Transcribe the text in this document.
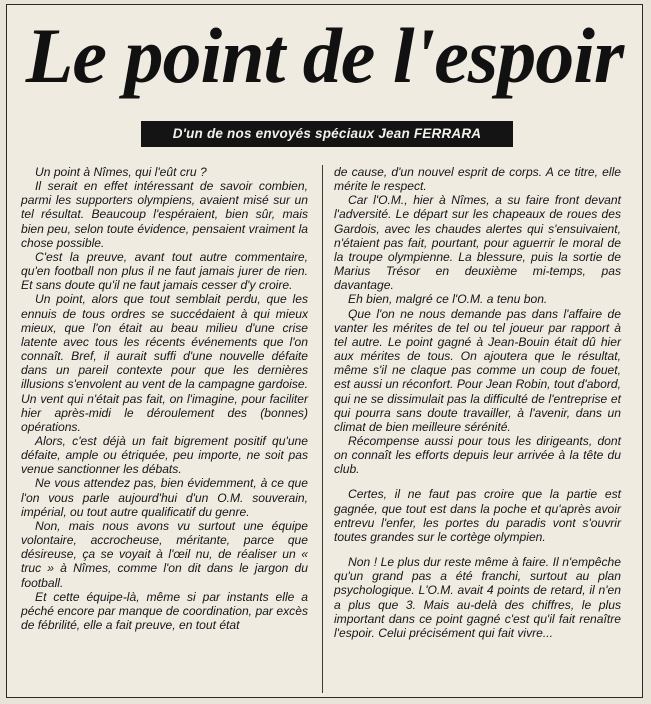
Le point de l'espoir
D'un de nos envoyés spéciaux Jean FERRARA

Un point à Nîmes, qui l'eût cru ?

Il serait en effet intéressant de savoir combien, parmi les supporters olympiens, avaient misé sur un tel résultat. Beaucoup l'espéraient, bien sûr, mais bien peu, selon toute évidence, pensaient vraiment la chose possible.

C'est la preuve, avant tout autre commentaire, qu'en football non plus il ne faut jamais jurer de rien. Et sans doute qu'il ne faut jamais cesser d'y croire.

Un point, alors que tout semblait perdu, que les ennuis de tous ordres se succédaient à qui mieux mieux, que l'on était au beau milieu d'une crise latente avec tous les récents événements que l'on connaît. Bref, il aurait suffi d'une nouvelle défaite dans un pareil contexte pour que les dernières illusions s'envolent au vent de la campagne gardoise. Un vent qui n'était pas fait, on l'imagine, pour faciliter hier après-midi le déroulement des (bonnes) opérations.

Alors, c'est déjà un fait bigrement positif qu'une défaite, ample ou étriquée, peu importe, ne soit pas venue sanctionner les débats.

Ne vous attendez pas, bien évidemment, à ce que l'on vous parle aujourd'hui d'un O.M. souverain, impérial, ou tout autre qualificatif du genre.

Non, mais nous avons vu surtout une équipe volontaire, accrocheuse, méritante, parce que désireuse, ça se voyait à l'œil nu, de réaliser un « truc » à Nîmes, comme l'on dit dans le jargon du football.

Et cette équipe-là, même si par instants elle a péché encore par manque de coordination, par excès de fébrilité, elle a fait preuve, en tout état

de cause, d'un nouvel esprit de corps. A ce titre, elle mérite le respect.

Car l'O.M., hier à Nîmes, a su faire front devant l'adversité. Le départ sur les chapeaux de roues des Gardois, avec les chaudes alertes qui s'ensuivaient, n'étaient pas fait, pourtant, pour aguerrir le moral de la troupe olympienne. La blessure, puis la sortie de Marius Trésor en deuxième mi-temps, pas davantage.

Eh bien, malgré ce l'O.M. a tenu bon.

Que l'on ne nous demande pas dans l'affaire de vanter les mérites de tel ou tel joueur par rapport à tel autre. Le point gagné à Jean-Bouin était dû hier aux mérites de tous. On ajoutera que le résultat, même s'il ne claque pas comme un coup de fouet, est aussi un réconfort. Pour Jean Robin, tout d'abord, qui ne se dissimulait pas la difficulté de l'entreprise et qui pourra sans doute travailler, à l'avenir, dans un climat de bien meilleure sérénité.

Récompense aussi pour tous les dirigeants, dont on connaît les efforts depuis leur arrivée à la tête du club.

Certes, il ne faut pas croire que la partie est gagnée, que tout est dans la poche et qu'après avoir entrevu l'enfer, les portes du paradis vont s'ouvrir toutes grandes sur le cortège olympien.

Non ! Le plus dur reste même à faire. Il n'empêche qu'un grand pas a été franchi, surtout au plan psychologique. L'O.M. avait 4 points de retard, il n'en a plus que 3. Mais au-delà des chiffres, le plus important dans ce point gagné c'est qu'il fait renaître l'espoir. Celui précisément qui fait vivre...
